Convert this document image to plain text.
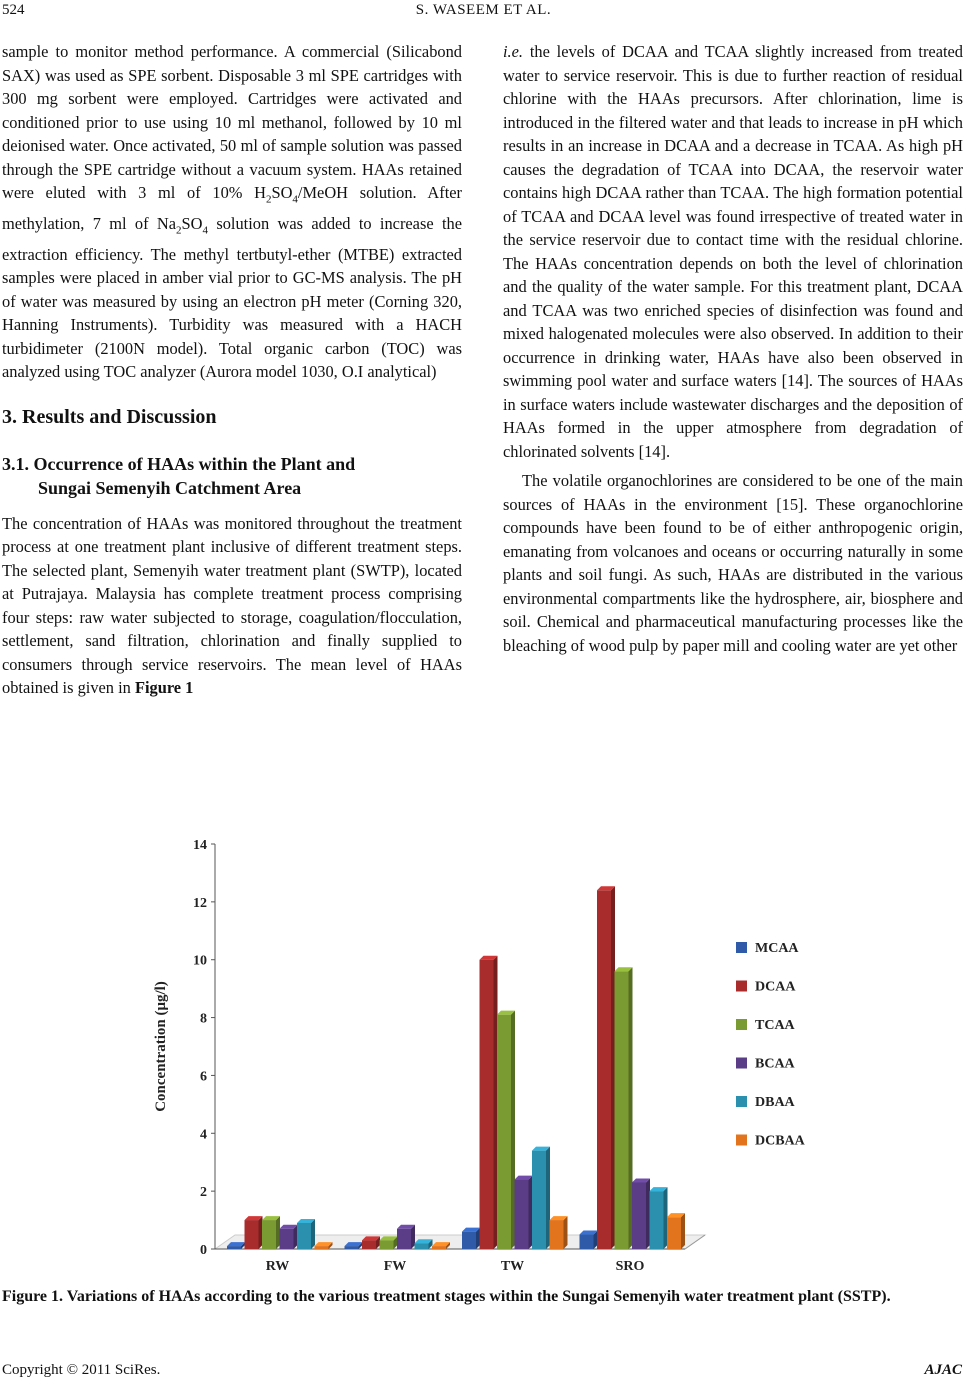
524	S. WASEEM ET AL.

sample to monitor method performance. A commercial (Silicabond SAX) was used as SPE sorbent. Disposable 3 ml SPE cartridges with 300 mg sorbent were employed. Cartridges were activated and conditioned prior to use using 10 ml methanol, followed by 10 ml deionised water. Once activated, 50 ml of sample solution was passed through the SPE cartridge without a vacuum system. HAAs retained were eluted with 3 ml of 10% $H_2SO_4$/MeOH solution. After methylation, 7 ml of $Na_2SO_4$ solution was added to increase the extraction efficiency. The methyl tertbutyl-ether (MTBE) extracted samples were placed in amber vial prior to GC-MS analysis. The pH of water was measured by using an electron pH meter (Corning 320, Hanning Instruments). Turbidity was measured with a HACH turbidimeter (2100N model). Total organic carbon (TOC) was analyzed using TOC analyzer (Aurora model 1030, O.I analytical)

3. Results and Discussion
3.1. Occurrence of HAAs within the Plant and
Sungai Semenyih Catchment Area

The concentration of HAAs was monitored throughout the treatment process at one treatment plant inclusive of different treatment steps. The selected plant, Semenyih water treatment plant (SWTP), located at Putrajaya. Malaysia has complete treatment process comprising four steps: raw water subjected to storage, coagulation/flocculation, settlement, sand filtration, chlorination and finally supplied to consumers through service reservoirs. The mean level of HAAs obtained is given in Figure 1

i.e. the levels of DCAA and TCAA slightly increased from treated water to service reservoir. This is due to further reaction of residual chlorine with the HAAs precursors. After chlorination, lime is introduced in the filtered water and that leads to increase in pH which results in an increase in DCAA and a decrease in TCAA. As high pH causes the degradation of TCAA into DCAA, the reservoir water contains high DCAA rather than TCAA. The high formation potential of TCAA and DCAA level was found irrespective of treated water in the service reservoir due to contact time with the residual chlorine. The HAAs concentration depends on both the level of chlorination and the quality of the water sample. For this treatment plant, DCAA and TCAA was two enriched species of disinfection was found and mixed halogenated molecules were also observed. In addition to their occurrence in drinking water, HAAs have also been observed in swimming pool water and surface waters [14]. The sources of HAAs in surface waters include wastewater discharges and the deposition of HAAs formed in the upper atmosphere from degradation of chlorinated solvents [14].

The volatile organochlorines are considered to be one of the main sources of HAAs in the environment [15]. These organochlorine compounds have been found to be of either anthropogenic origin, emanating from volcanoes and oceans or occurring naturally in some plants and soil fungi. As such, HAAs are distributed in the various environmental compartments like the hydrosphere, air, biosphere and soil. Chemical and pharmaceutical manufacturing processes like the bleaching of wood pulp by paper mill and cooling water are yet other

0
2
4
6
8
10
12
14
Concentration (μg/l)
RW	FW	TW	SRO
MCAA
DCAA
TCAA
BCAA
DBAA
DCBAA
Figure 1. Variations of HAAs according to the various treatment stages within the Sungai Semenyih water treatment plant (SSTP).
Copyright © 2011 SciRes.	AJAC
